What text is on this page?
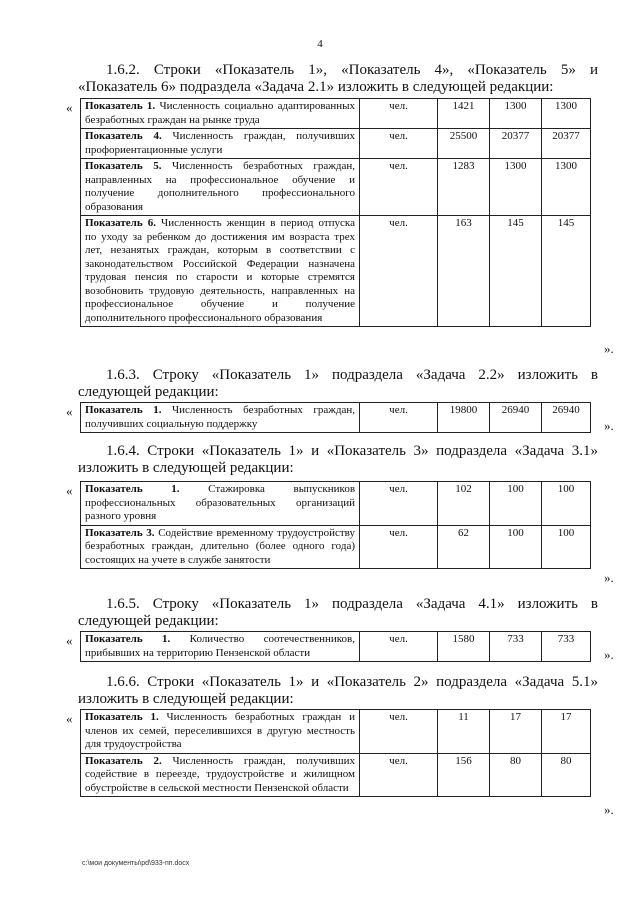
4
1.6.2. Строки «Показатель 1», «Показатель 4», «Показатель 5» и «Показатель 6» подраздела «Задача 2.1» изложить в следующей редакции:
« Показатель 1. Численность социально адаптированных безработных граждан на рынке труда	чел.	1421	1300	1300
Показатель 4. Численность граждан, получивших профориентационные услуги	чел.	25500	20377	20377
Показатель 5. Численность безработных граждан, направленных на профессиональное обучение и получение дополнительного профессионального образования	чел.	1283	1300	1300
Показатель 6. Численность женщин в период отпуска по уходу за ребенком до достижения им возраста трех лет, незанятых граждан, которым в соответствии с законодательством Российской Федерации назначена трудовая пенсия по старости и которые стремятся возобновить трудовую деятельность, направленных на профессиональное обучение и получение дополнительного профессионального образования	чел.	163	145	145
».
1.6.3. Строку «Показатель 1» подраздела «Задача 2.2» изложить в следующей редакции:
« Показатель 1. Численность безработных граждан, получивших социальную поддержку	чел.	19800	26940	26940
».
1.6.4. Строки «Показатель 1» и «Показатель 3» подраздела «Задача 3.1» изложить в следующей редакции:
« Показатель 1. Стажировка выпускников профессиональных образовательных организаций разного уровня	чел.	102	100	100
Показатель 3. Содействие временному трудоустройству безработных граждан, длительно (более одного года) состоящих на учете в службе занятости	чел.	62	100	100
».
1.6.5. Строку «Показатель 1» подраздела «Задача 4.1» изложить в следующей редакции:
« Показатель 1. Количество соотечественников, прибывших на территорию Пензенской области	чел.	1580	733	733
».
1.6.6. Строки «Показатель 1» и «Показатель 2» подраздела «Задача 5.1» изложить в следующей редакции:
« Показатель 1. Численность безработных граждан и членов их семей, переселившихся в другую местность для трудоустройства	чел.	11	17	17
Показатель 2. Численность граждан, получивших содействие в переезде, трудоустройстве и жилищном обустройстве в сельской местности Пензенской области	чел.	156	80	80
».
c:\мои документы\pd\933-пп.docx
